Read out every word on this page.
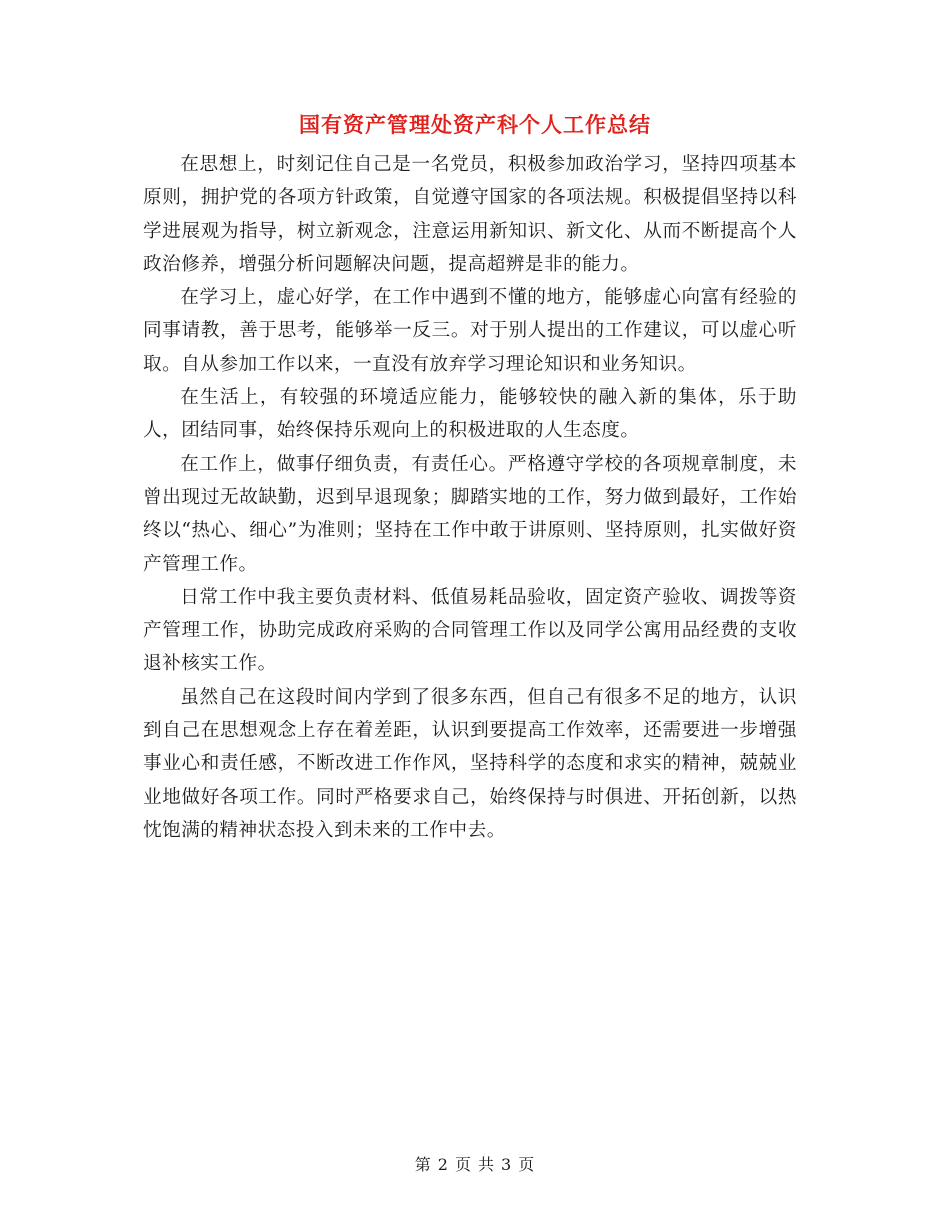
国有资产管理处资产科个人工作总结

在思想上，时刻记住自己是一名党员，积极参加政治学习，坚持四项基本原则，拥护党的各项方针政策，自觉遵守国家的各项法规。积极提倡坚持以科学进展观为指导，树立新观念，注意运用新知识、新文化、从而不断提高个人政治修养，增强分析问题解决问题，提高超辨是非的能力。

在学习上，虚心好学，在工作中遇到不懂的地方，能够虚心向富有经验的同事请教，善于思考，能够举一反三。对于别人提出的工作建议，可以虚心听取。自从参加工作以来，一直没有放弃学习理论知识和业务知识。

在生活上，有较强的环境适应能力，能够较快的融入新的集体，乐于助人，团结同事，始终保持乐观向上的积极进取的人生态度。

在工作上，做事仔细负责，有责任心。严格遵守学校的各项规章制度，未曾出现过无故缺勤，迟到早退现象；脚踏实地的工作，努力做到最好，工作始终以“热心、细心”为准则；坚持在工作中敢于讲原则、坚持原则，扎实做好资产管理工作。

日常工作中我主要负责材料、低值易耗品验收，固定资产验收、调拨等资产管理工作，协助完成政府采购的合同管理工作以及同学公寓用品经费的支收退补核实工作。

虽然自己在这段时间内学到了很多东西，但自己有很多不足的地方，认识到自己在思想观念上存在着差距，认识到要提高工作效率，还需要进一步增强事业心和责任感，不断改进工作作风，坚持科学的态度和求实的精神，兢兢业业地做好各项工作。同时严格要求自己，始终保持与时俱进、开拓创新，以热忱饱满的精神状态投入到未来的工作中去。

第 2 页 共 3 页
